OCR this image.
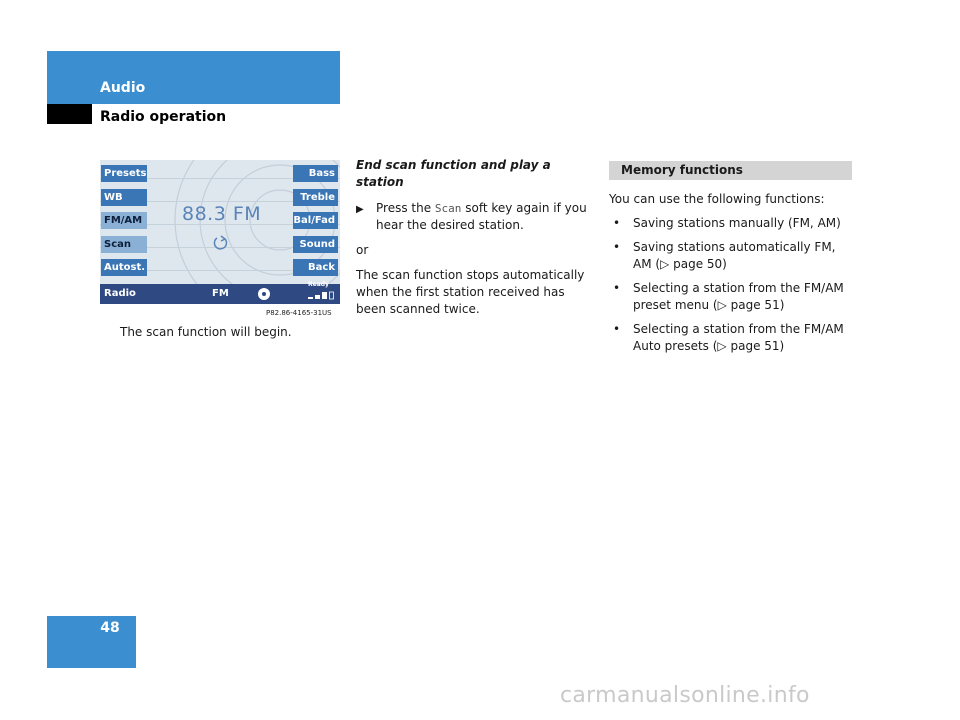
Audio
Radio operation
Presets
WB
FM/AM
Scan
Autost.
Bass
Treble
Bal/Fad
Sound
Back
88.3 FM
Radio	FM
Ready
P82.86-4165-31US
The scan function will begin.
End scan function and play a station
▶	Press the Scan soft key again if you hear the desired station.
or
The scan function stops automatically when the first station received has been scanned twice.
Memory functions
You can use the following functions:
•	Saving stations manually (FM, AM)
•	Saving stations automatically FM, AM (▷ page 50)
•	Selecting a station from the FM/AM preset menu (▷ page 51)
•	Selecting a station from the FM/AM Auto presets (▷ page 51)
48
carmanualsonline.info
